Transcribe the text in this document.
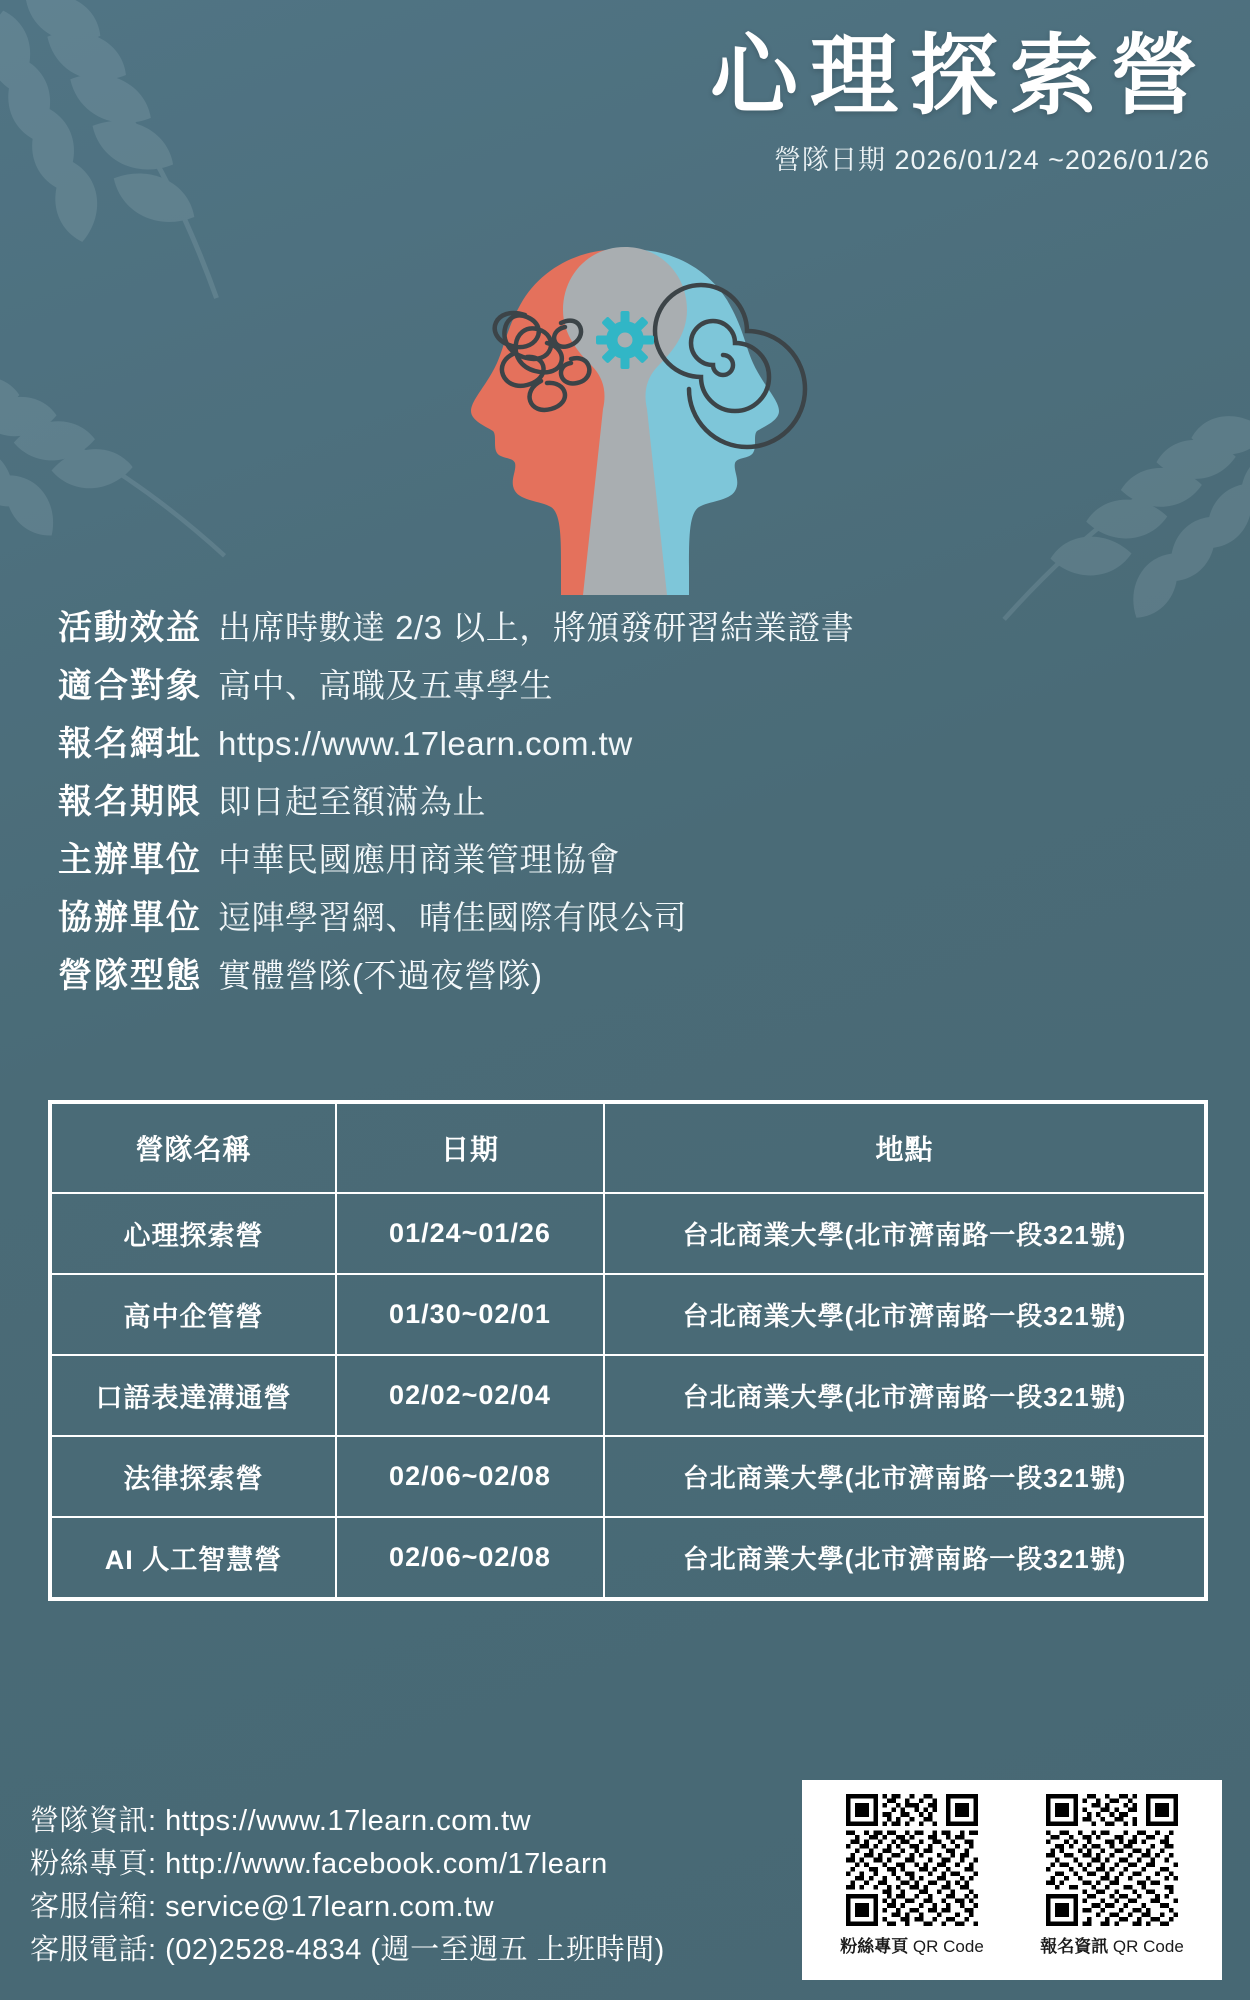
心理探索營
營隊日期 2026/01/24 ~2026/01/26
活動效益 出席時數達 2/3 以上，將頒發研習結業證書
適合對象 高中、高職及五專學生
報名網址 https://www.17learn.com.tw
報名期限 即日起至額滿為止
主辦單位 中華民國應用商業管理協會
協辦單位 逗陣學習網、晴佳國際有限公司
營隊型態 實體營隊(不過夜營隊)
營隊名稱	日期	地點
心理探索營	01/24~01/26	台北商業大學(北市濟南路一段321號)
高中企管營	01/30~02/01	台北商業大學(北市濟南路一段321號)
口語表達溝通營	02/02~02/04	台北商業大學(北市濟南路一段321號)
法律探索營	02/06~02/08	台北商業大學(北市濟南路一段321號)
AI 人工智慧營	02/06~02/08	台北商業大學(北市濟南路一段321號)
營隊資訊: https://www.17learn.com.tw
粉絲專頁: http://www.facebook.com/17learn
客服信箱: service@17learn.com.tw
客服電話: (02)2528-4834 (週一至週五 上班時間)	粉絲專頁 QR Code	報名資訊 QR Code
